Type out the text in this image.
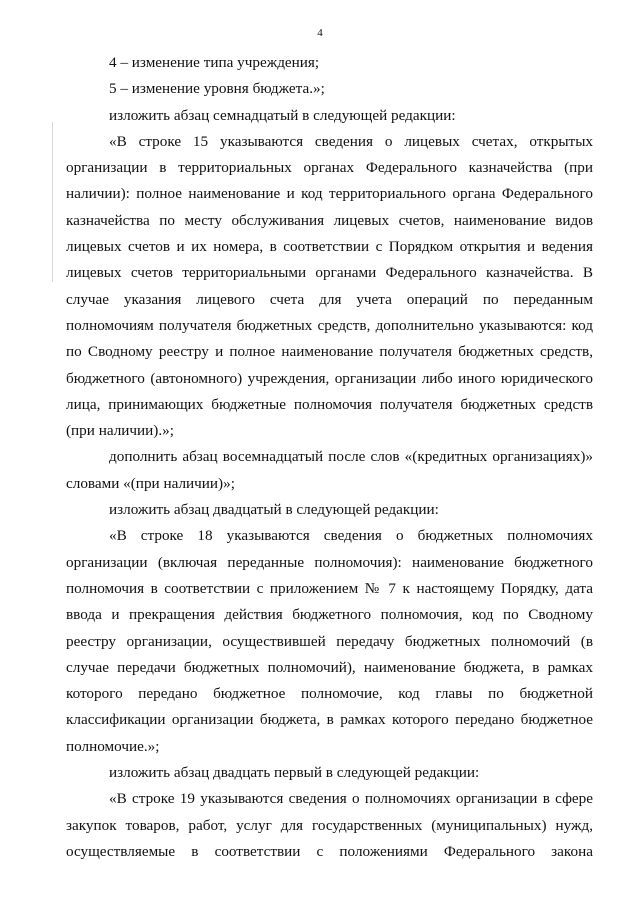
4

4 – изменение типа учреждения;

5 – изменение уровня бюджета.»;

изложить абзац семнадцатый в следующей редакции:

«В строке 15 указываются сведения о лицевых счетах, открытых организации в территориальных органах Федерального казначейства (при наличии): полное наименование и код территориального органа Федерального казначейства по месту обслуживания лицевых счетов, наименование видов лицевых счетов и их номера, в соответствии с Порядком открытия и ведения лицевых счетов территориальными органами Федерального казначейства. В случае указания лицевого счета для учета операций по переданным полномочиям получателя бюджетных средств, дополнительно указываются: код по Сводному реестру и полное наименование получателя бюджетных средств, бюджетного (автономного) учреждения, организации либо иного юридического лица, принимающих бюджетные полномочия получателя бюджетных средств (при наличии).»;

дополнить абзац восемнадцатый после слов «(кредитных организациях)» словами «(при наличии)»;

изложить абзац двадцатый в следующей редакции:

«В строке 18 указываются сведения о бюджетных полномочиях организации (включая переданные полномочия): наименование бюджетного полномочия в соответствии с приложением № 7 к настоящему Порядку, дата ввода и прекращения действия бюджетного полномочия, код по Сводному реестру организации, осуществившей передачу бюджетных полномочий (в случае передачи бюджетных полномочий), наименование бюджета, в рамках которого передано бюджетное полномочие, код главы по бюджетной классификации организации бюджета, в рамках которого передано бюджетное полномочие.»;

изложить абзац двадцать первый в следующей редакции:

«В строке 19 указываются сведения о полномочиях организации в сфере закупок товаров, работ, услуг для государственных (муниципальных) нужд, осуществляемые в соответствии с положениями Федерального закона
